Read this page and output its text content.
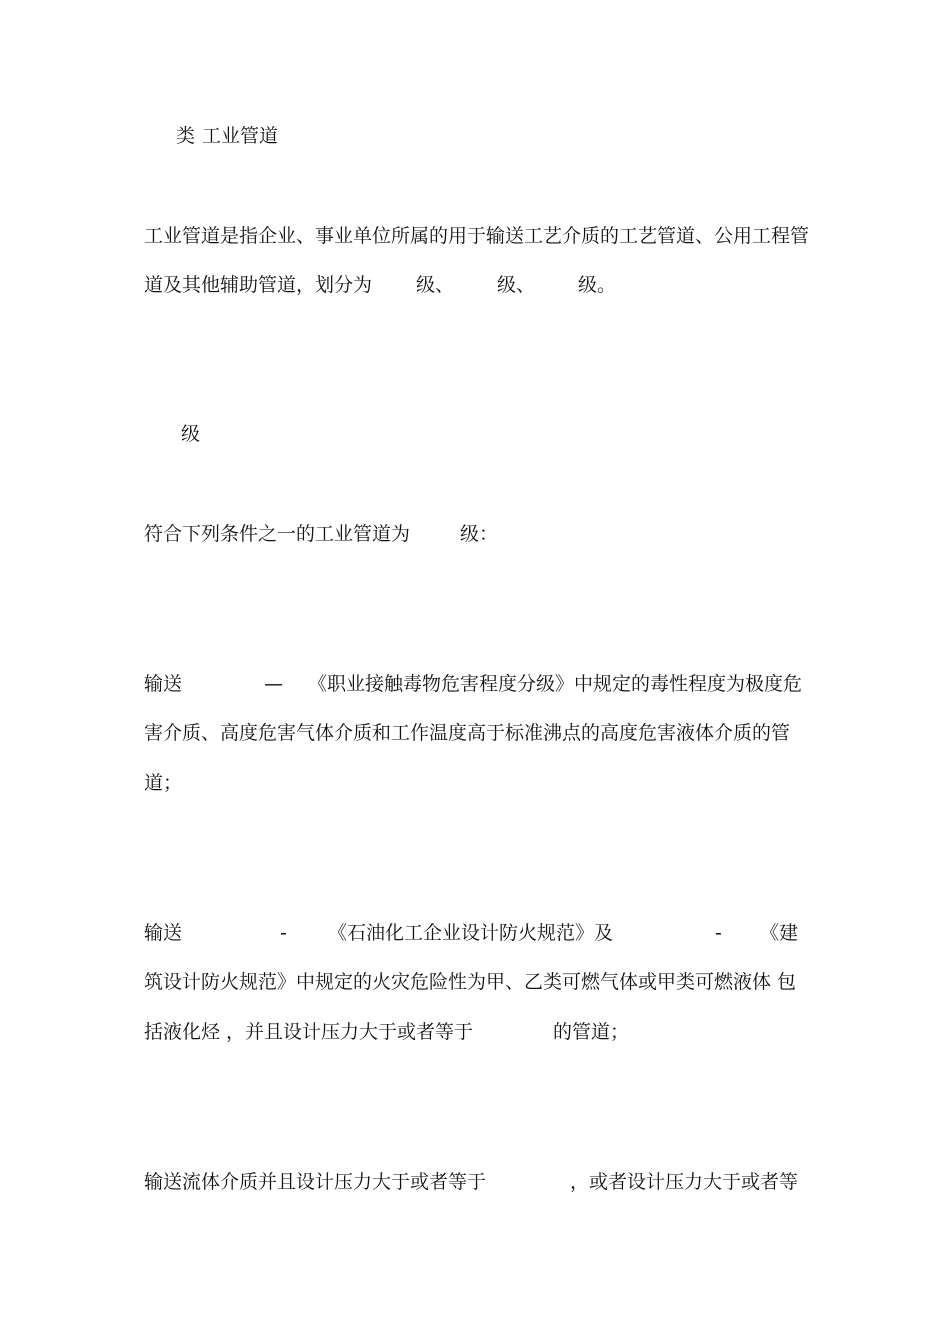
类 工业管道
工业管道是指企业、事业单位所属的用于输送工艺介质的工艺管道、公用工程管
道及其他辅助管道，划分为 级、 级、 级。
级
符合下列条件之一的工业管道为	级：
输送	— 《职业接触毒物危害程度分级》中规定的毒性程度为极度危
害介质、高度危害气体介质和工作温度高于标准沸点的高度危害液体介质的管
道；
输送	- 《石油化工企业设计防火规范》及	- 《建
筑设计防火规范》中规定的火灾危险性为甲、乙类可燃气体或甲类可燃液体 包
括液化烃 ，并且设计压力大于或者等于	的管道；
输送流体介质并且设计压力大于或者等于	，或者设计压力大于或者等
